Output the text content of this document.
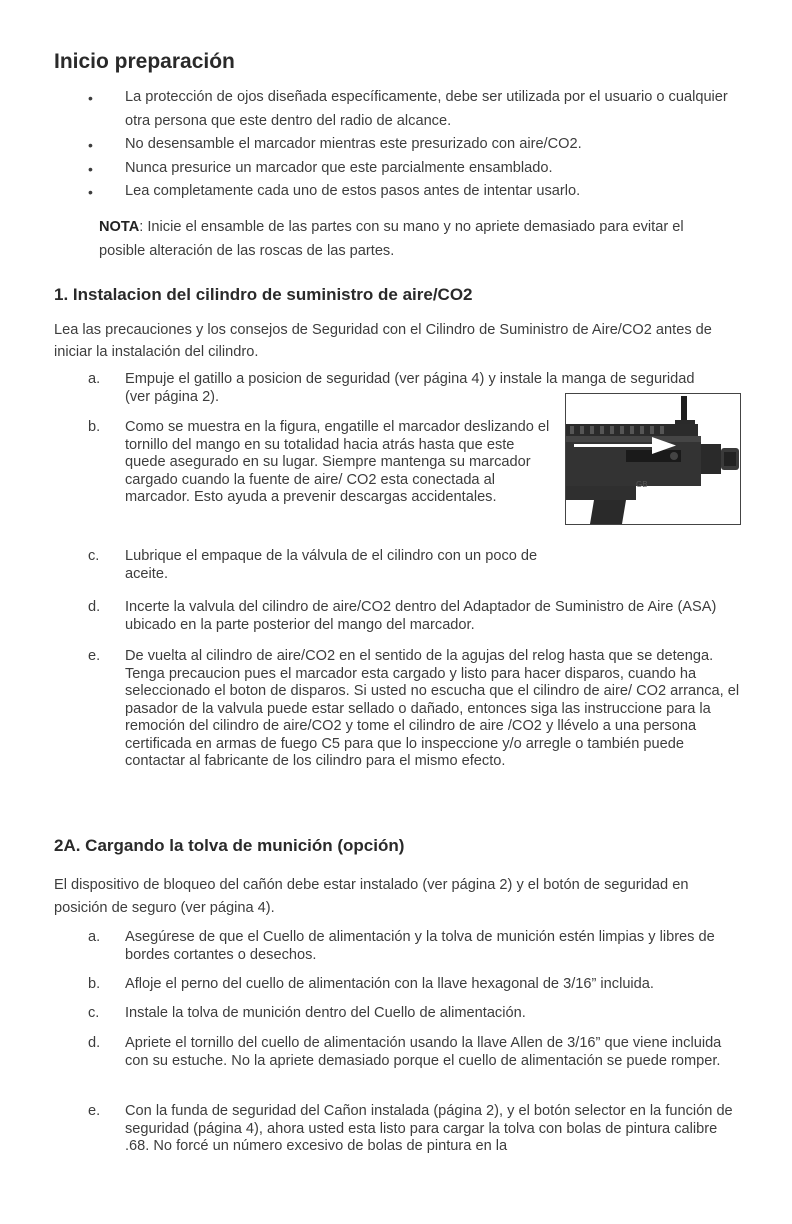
Inicio preparación
• La protección de ojos diseñada específicamente, debe ser utilizada por el usuario o cualquier otra persona que este dentro del radio de alcance.
• No desensamble el marcador mientras este presurizado con aire/CO2.
• Nunca presurice un marcador que este parcialmente ensamblado.
• Lea completamente cada uno de estos pasos antes de intentar usarlo.
NOTA: Inicie el ensamble de las partes con su mano y no apriete demasiado para evitar el posible alteración de las roscas de las partes.
1. Instalacion del cilindro de suministro de aire/CO2
Lea las precauciones y los consejos de Seguridad con el Cilindro de Suministro de Aire/CO2 antes de iniciar la instalación del cilindro.
a. Empuje el gatillo a posicion de seguridad (ver página 4) y instale la manga de seguridad (ver página 2).
b. Como se muestra en la figura, engatille el marcador deslizando el tornillo del mango en su totalidad hacia atrás hasta que este quede asegurado en su lugar. Siempre mantenga su marcador cargado cuando la fuente de aire/ CO2 esta conectada al marcador. Esto ayuda a prevenir descargas accidentales.
c. Lubrique el empaque de la válvula de el cilindro con un poco de aceite.
d. Incerte la valvula del cilindro de aire/CO2 dentro del Adaptador de Suministro de Aire (ASA) ubicado en la parte posterior del mango del marcador.
e. De vuelta al cilindro de aire/CO2 en el sentido de la agujas del relog hasta que se detenga. Tenga precaucion pues el marcador esta cargado y listo para hacer disparos, cuando ha seleccionado el boton de disparos. Si usted no escucha que el cilindro de aire/ CO2 arranca, el pasador de la valvula puede estar sellado o dañado, entonces siga las instruccione para la remoción del cilindro de aire/CO2 y tome el cilindro de aire /CO2 y llévelo a una persona certificada en armas de fuego C5 para que lo inspeccione y/o arregle o también puede contactar al fabricante de los cilindro para el mismo efecto.
GB
2A. Cargando la tolva de munición (opción)
El dispositivo de bloqueo del cañón debe estar instalado (ver página 2) y el botón de seguridad en posición de seguro (ver página 4).
a. Asegúrese de que el Cuello de alimentación y la tolva de munición estén limpias y libres de bordes cortantes o desechos.
b. Afloje el perno del cuello de alimentación con la llave hexagonal de 3/16” incluida.
c. Instale la tolva de munición dentro del Cuello de alimentación.
d. Apriete el tornillo del cuello de alimentación usando la llave Allen de 3/16” que viene incluida con su estuche. No la apriete demasiado porque el cuello de alimentación se puede romper.
e. Con la funda de seguridad del Cañon instalada (página 2), y el botón selector en la función de seguridad (página 4), ahora usted esta listo para cargar la tolva con bolas de pintura calibre .68. No forcé un número excesivo de bolas de pintura en la
